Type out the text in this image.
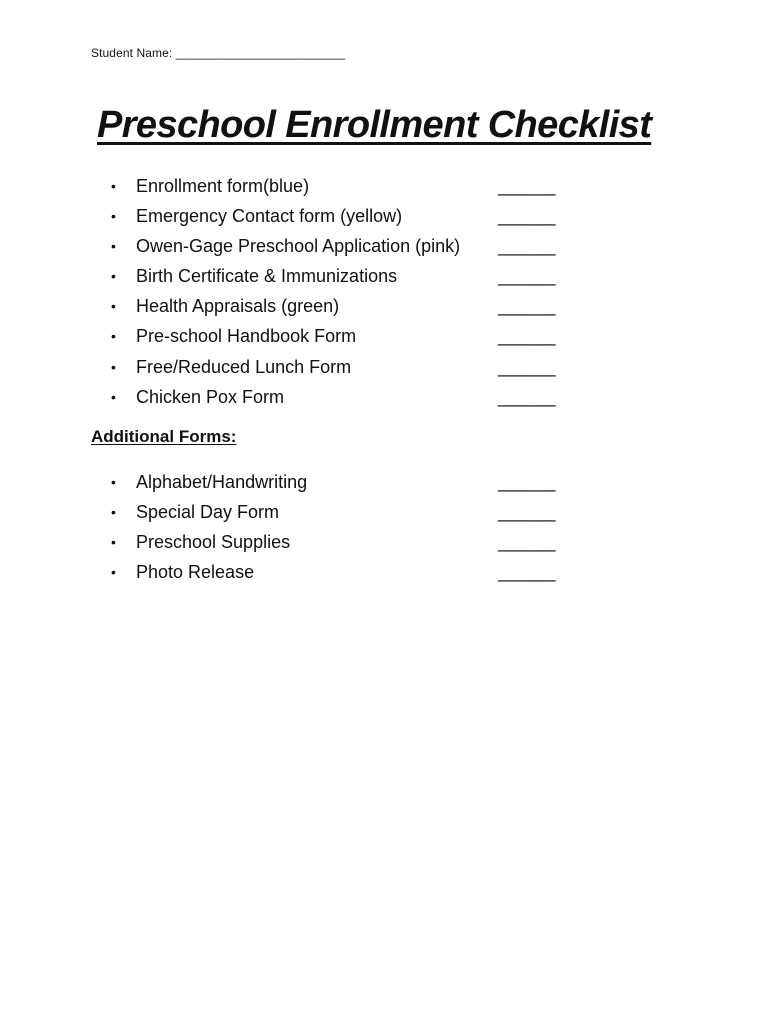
Student Name: _________________________
Preschool Enrollment Checklist
• Enrollment form(blue)	______
• Emergency Contact form (yellow)	______
• Owen-Gage Preschool Application (pink) ______
• Birth Certificate & Immunizations	______
• Health Appraisals (green)	______
• Pre-school Handbook Form	______
• Free/Reduced Lunch Form	______
• Chicken Pox Form	______
Additional Forms:
• Alphabet/Handwriting	______
• Special Day Form	______
• Preschool Supplies	______
• Photo Release	______
